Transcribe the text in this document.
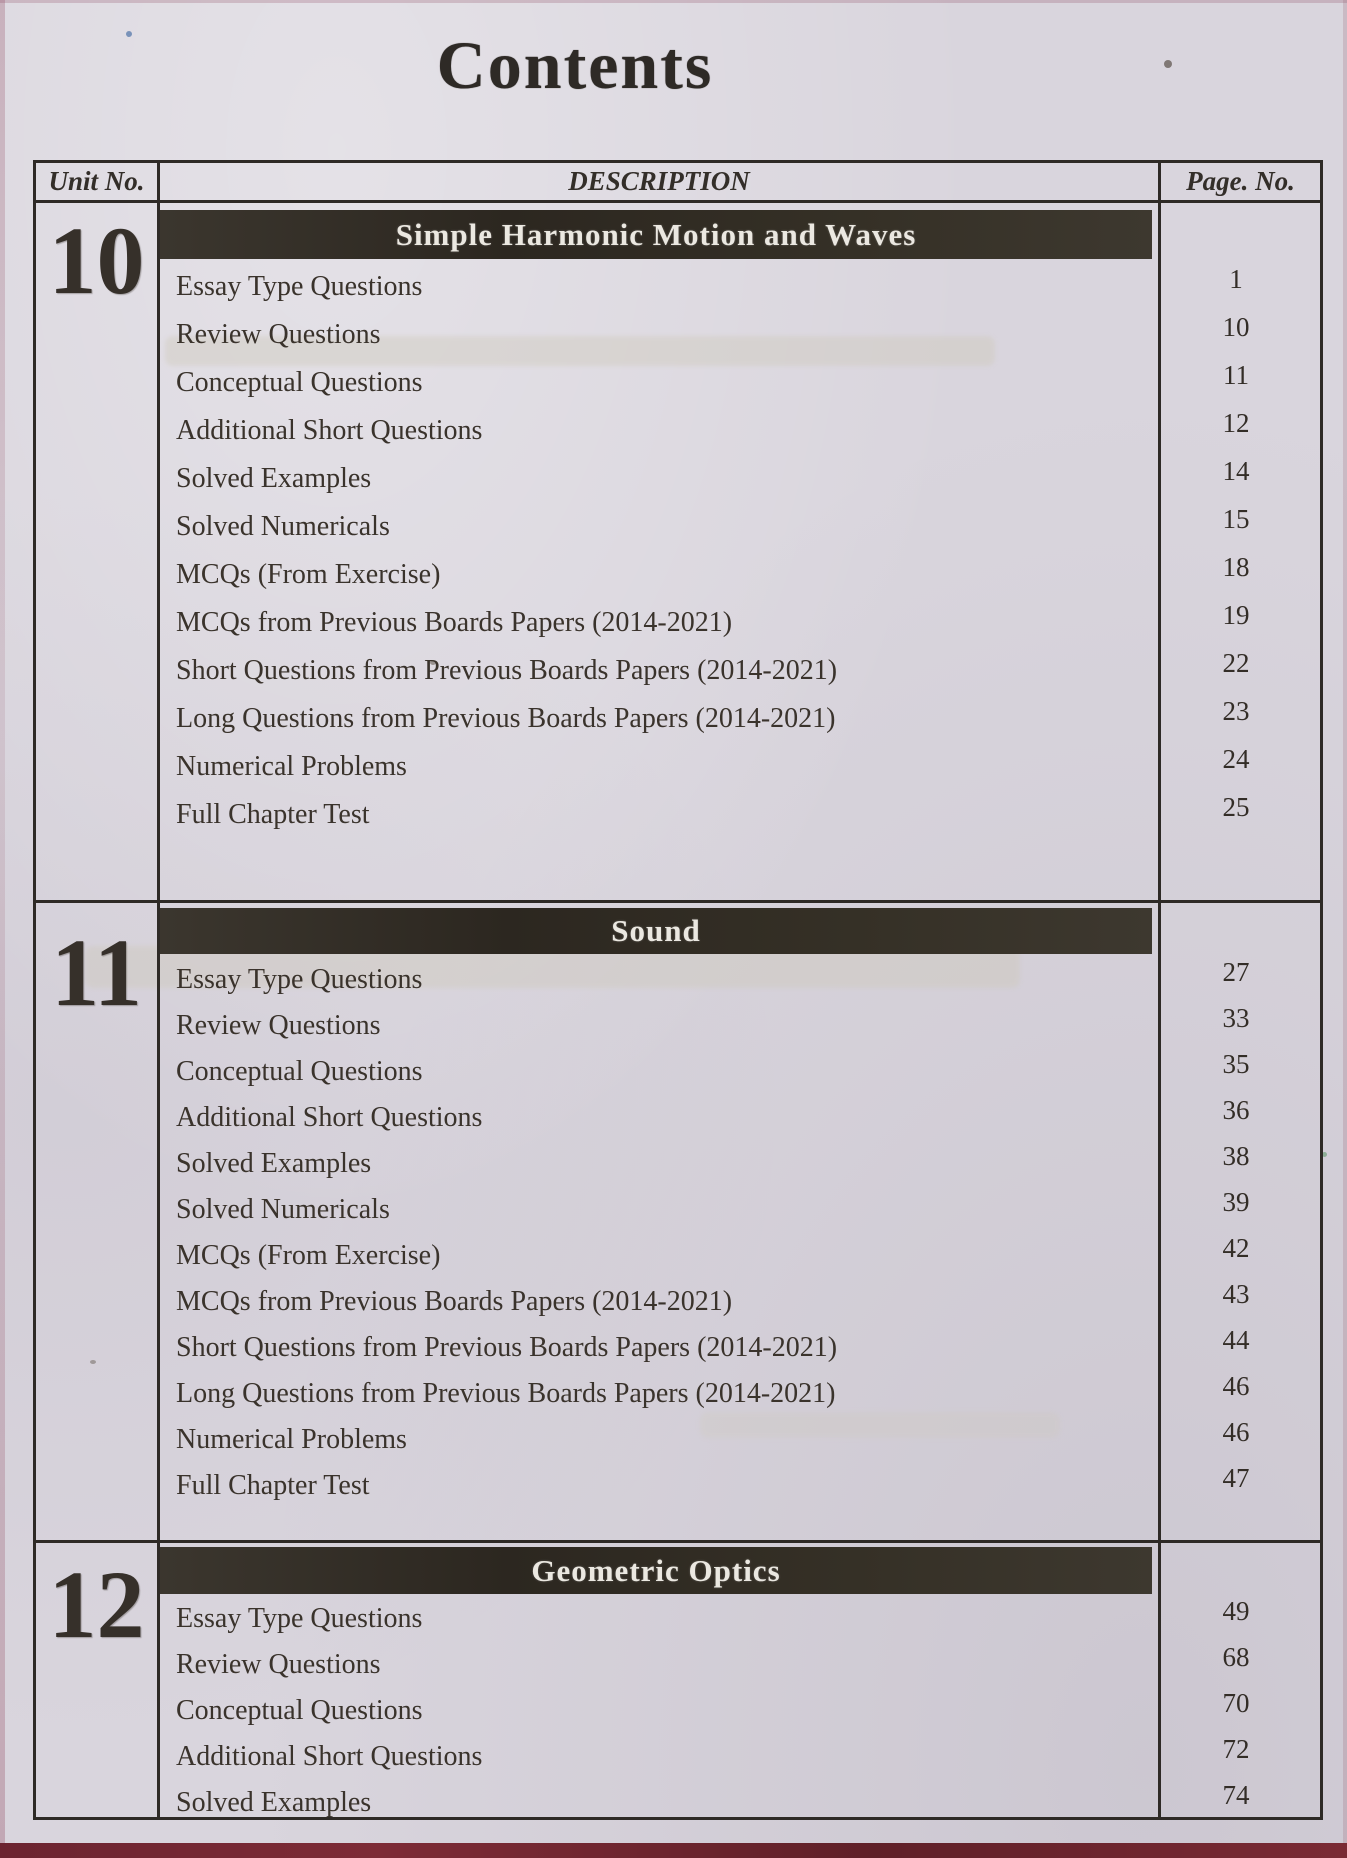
Contents
Unit No.	DESCRIPTION	Page. No.
10	Simple Harmonic Motion and Waves
Essay Type Questions	1
Review Questions	10
Conceptual Questions	11
Additional Short Questions	12
Solved Examples	14
Solved Numericals	15
MCQs (From Exercise)	18
MCQs from Previous Boards Papers (2014-2021)	19
Short Questions from Previous Boards Papers (2014-2021)	22
Long Questions from Previous Boards Papers (2014-2021)	23
Numerical Problems	24
Full Chapter Test	25
11	Sound
Essay Type Questions	27
Review Questions	33
Conceptual Questions	35
Additional Short Questions	36
Solved Examples	38
Solved Numericals	39
MCQs (From Exercise)	42
MCQs from Previous Boards Papers (2014-2021)	43
Short Questions from Previous Boards Papers (2014-2021)	44
Long Questions from Previous Boards Papers (2014-2021)	46
Numerical Problems	46
Full Chapter Test	47
12	Geometric Optics
Essay Type Questions	49
Review Questions	68
Conceptual Questions	70
Additional Short Questions	72
Solved Examples	74
